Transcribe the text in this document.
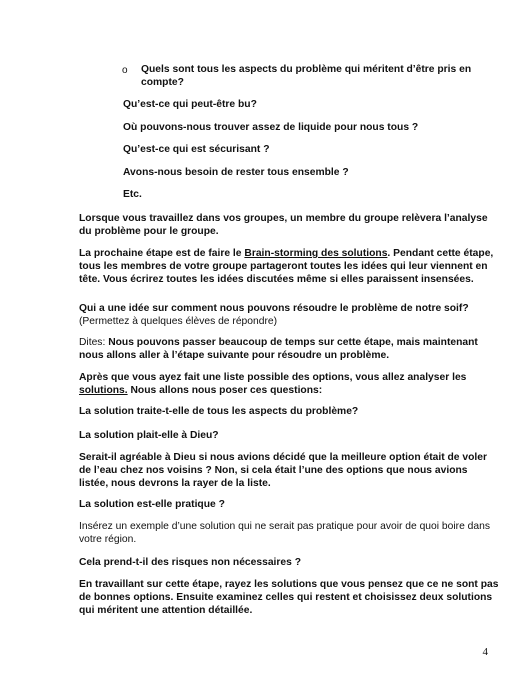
o Quels sont tous les aspects du problème qui méritent d’être pris en compte?

Qu’est-ce qui peut-être bu?

Où pouvons-nous trouver assez de liquide pour nous tous ?

Qu’est-ce qui est sécurisant ?

Avons-nous besoin de rester tous ensemble ?

Etc.

Lorsque vous travaillez dans vos groupes, un membre du groupe relèvera l’analyse du problème pour le groupe.

La prochaine étape est de faire le Brain-storming des solutions. Pendant cette étape, tous les membres de votre groupe partageront toutes les idées qui leur viennent en tête. Vous écrirez toutes les idées discutées même si elles paraissent insensées.

Qui a une idée sur comment nous pouvons résoudre le problème de notre soif?

(Permettez à quelques élèves de répondre)

Dites: Nous pouvons passer beaucoup de temps sur cette étape, mais maintenant nous allons aller à l’étape suivante pour résoudre un problème.

Après que vous ayez fait une liste possible des options, vous allez analyser les solutions. Nous allons nous poser ces questions:

La solution traite-t-elle de tous les aspects du problème?

La solution plait-elle à Dieu?

Serait-il agréable à Dieu si nous avions décidé que la meilleure option était de voler de l’eau chez nos voisins ? Non, si cela était l’une des options que nous avions listée, nous devrons la rayer de la liste.

La solution est-elle pratique ?

Insérez un exemple d’une solution qui ne serait pas pratique pour avoir de quoi boire dans votre région.

Cela prend-t-il des risques non nécessaires ?

En travaillant sur cette étape, rayez les solutions que vous pensez que ce ne sont pas de bonnes options. Ensuite examinez celles qui restent et choisissez deux solutions qui méritent une attention détaillée.

4
